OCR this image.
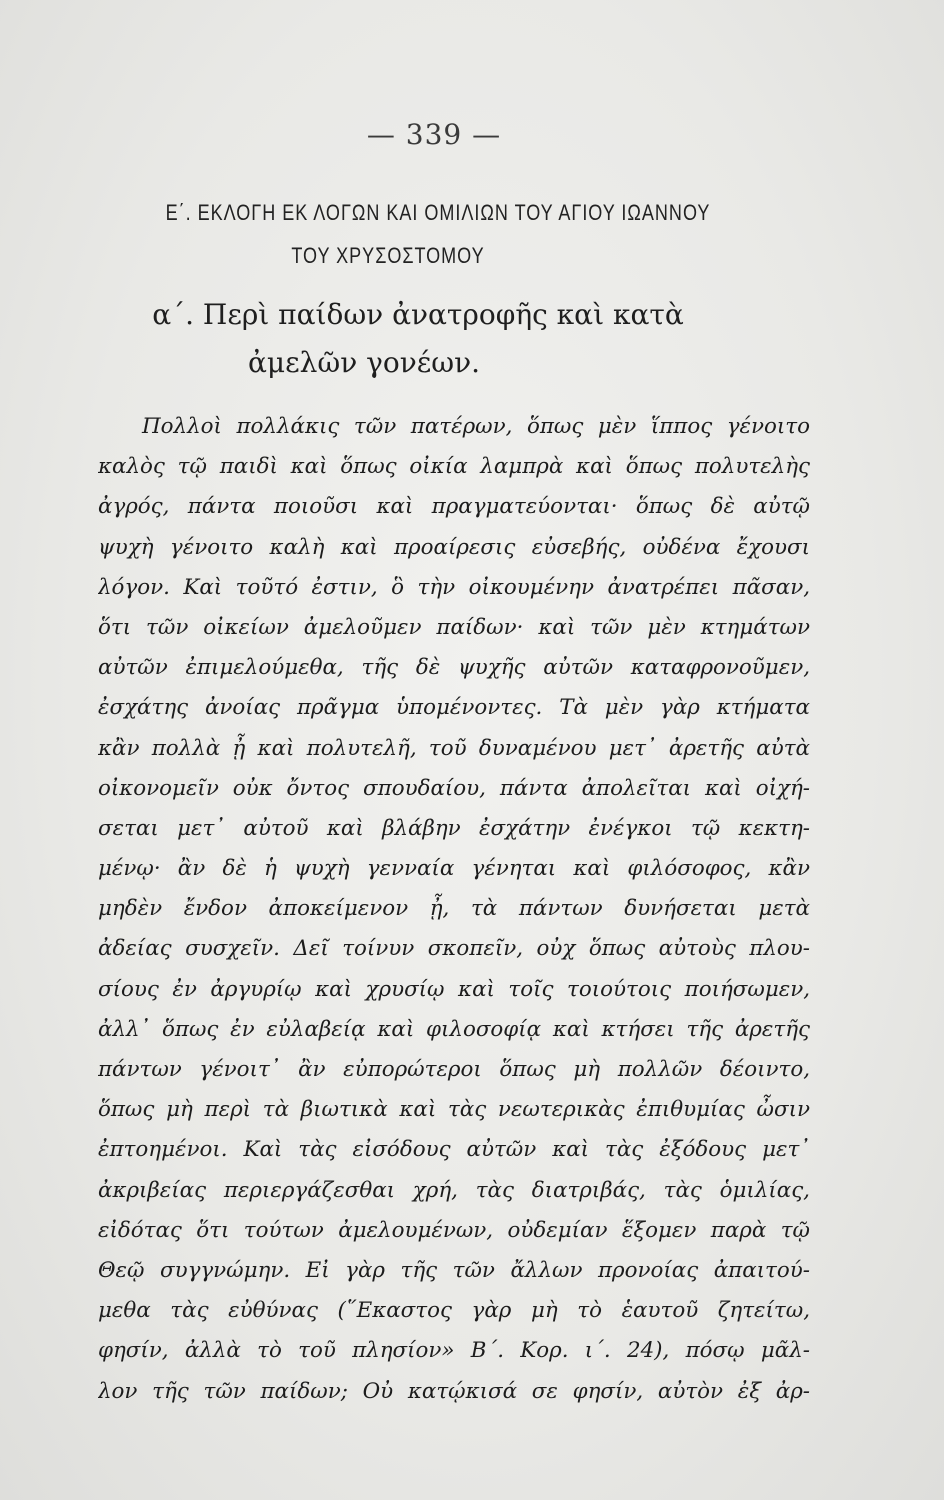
— 339 —
Ε΄. ΕΚΛΟΓΗ ΕΚ ΛΟΓΩΝ ΚΑΙ ΟΜΙΛΙΩΝ ΤΟΥ ΑΓΙΟΥ ΙΩΑΝΝΟΥ
ΤΟΥ ΧΡΥΣΟΣΤΟΜΟΥ
α΄. Περὶ παίδων ἀνατροφῆς καὶ κατὰ
ἀμελῶν γονέων.
Πολλοὶ πολλάκις τῶν πατέρων, ὅπως μὲν ἵππος γένοιτο
καλὸς τῷ παιδὶ καὶ ὅπως οἰκία λαμπρὰ καὶ ὅπως πολυτελὴς
ἀγρός, πάντα ποιοῦσι καὶ πραγματεύονται· ὅπως δὲ αὐτῷ
ψυχὴ γένοιτο καλὴ καὶ προαίρεσις εὐσεβής, οὐδένα ἔχουσι
λόγον. Καὶ τοῦτό ἐστιν, ὃ τὴν οἰκουμένην ἀνατρέπει πᾶσαν,
ὅτι τῶν οἰκείων ἀμελοῦμεν παίδων· καὶ τῶν μὲν κτημάτων
αὐτῶν ἐπιμελούμεθα, τῆς δὲ ψυχῆς αὐτῶν καταφρονοῦμεν,
ἐσχάτης ἀνοίας πρᾶγμα ὑπομένοντες. Τὰ μὲν γὰρ κτήματα
κἂν πολλὰ ᾖ καὶ πολυτελῆ, τοῦ δυναμένου μετ᾽ ἀρετῆς αὐτὰ
οἰκονομεῖν οὐκ ὄντος σπουδαίου, πάντα ἀπολεῖται καὶ οἰχή-
σεται μετ᾽ αὐτοῦ καὶ βλάβην ἐσχάτην ἐνέγκοι τῷ κεκτη-
μένῳ· ἂν δὲ ἡ ψυχὴ γενναία γένηται καὶ φιλόσοφος, κἂν
μηδὲν ἔνδον ἀποκείμενον ᾖ, τὰ πάντων δυνήσεται μετὰ
ἀδείας συσχεῖν. Δεῖ τοίνυν σκοπεῖν, οὐχ ὅπως αὐτοὺς πλου-
σίους ἐν ἀργυρίῳ καὶ χρυσίῳ καὶ τοῖς τοιούτοις ποιήσωμεν,
ἀλλ᾽ ὅπως ἐν εὐλαβείᾳ καὶ φιλοσοφίᾳ καὶ κτήσει τῆς ἀρετῆς
πάντων γένοιτ᾽ ἂν εὐπορώτεροι ὅπως μὴ πολλῶν δέοιντο,
ὅπως μὴ περὶ τὰ βιωτικὰ καὶ τὰς νεωτερικὰς ἐπιθυμίας ὦσιν
ἐπτοημένοι. Καὶ τὰς εἰσόδους αὐτῶν καὶ τὰς ἐξόδους μετ᾽
ἀκριβείας περιεργάζεσθαι χρή, τὰς διατριβάς, τὰς ὁμιλίας,
εἰδότας ὅτι τούτων ἀμελουμένων, οὐδεμίαν ἕξομεν παρὰ τῷ
Θεῷ συγγνώμην. Εἰ γὰρ τῆς τῶν ἄλλων προνοίας ἀπαιτού-
μεθα τὰς εὐθύνας (῞Εκαστος γὰρ μὴ τὸ ἑαυτοῦ ζητείτω,
φησίν, ἀλλὰ τὸ τοῦ πλησίον» Β΄. Κορ. ι΄. 24), πόσῳ μᾶλ-
λον τῆς τῶν παίδων; Οὐ κατῴκισά σε φησίν, αὐτὸν ἐξ ἀρ-
